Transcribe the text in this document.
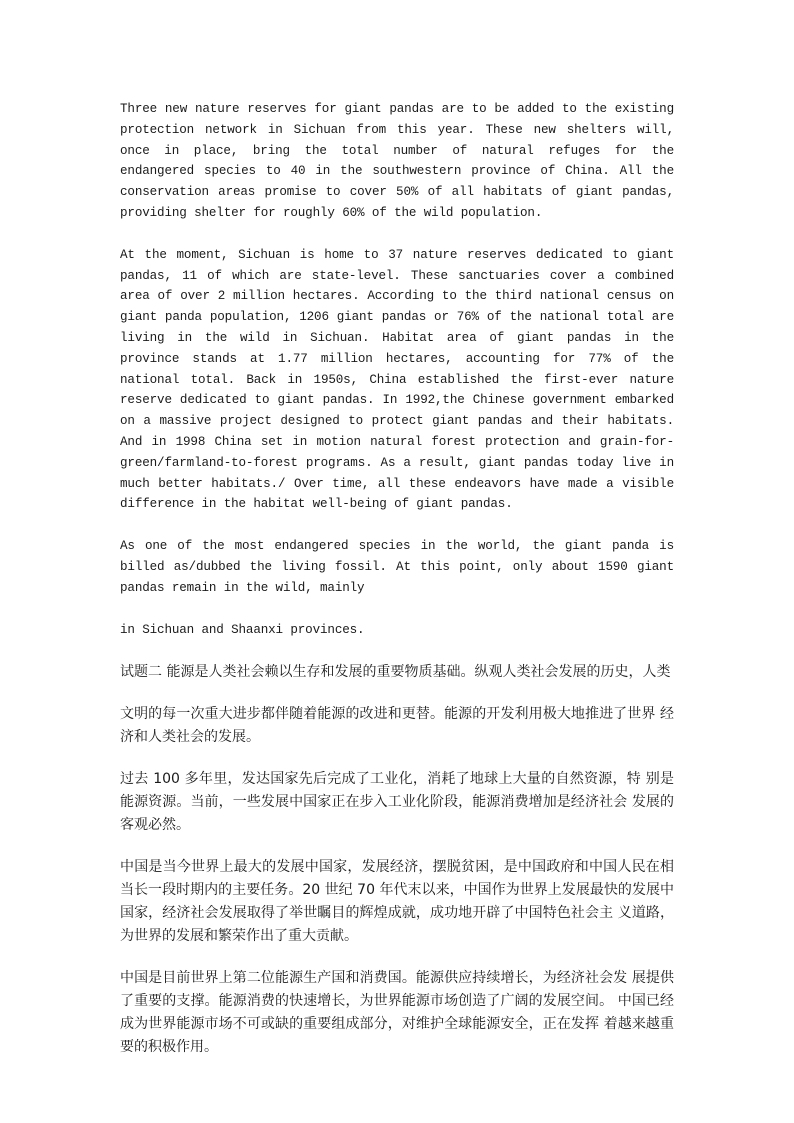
Three new nature reserves for giant pandas are to be added to the existing protection network in Sichuan from this year. These new shelters will, once in place, bring the total number of natural refuges for the endangered species to 40 in the southwestern province of China. All the conservation areas promise to cover 50% of all habitats of giant pandas, providing shelter for roughly 60% of the wild population.

At the moment, Sichuan is home to 37 nature reserves dedicated to giant pandas, 11 of which are state-level. These sanctuaries cover a combined area of over 2 million hectares. According to the third national census on giant panda population, 1206 giant pandas or 76% of the national total are living in the wild in Sichuan. Habitat area of giant pandas in the province stands at 1.77 million hectares, accounting for 77% of the national total. Back in 1950s, China established the first-ever nature reserve dedicated to giant pandas. In 1992,the Chinese government embarked on a massive project designed to protect giant pandas and their habitats. And in 1998 China set in motion natural forest protection and grain-for-green/farmland-to-forest programs. As a result, giant pandas today live in much better habitats./ Over time, all these endeavors have made a visible difference in the habitat well-being of giant pandas.

As one of the most endangered species in the world, the giant panda is billed as/dubbed the living fossil. At this point, only about 1590 giant pandas remain in the wild, mainly

in Sichuan and Shaanxi provinces.

试题二 能源是人类社会赖以生存和发展的重要物质基础。纵观人类社会发展的历史，人类

文明的每一次重大进步都伴随着能源的改进和更替。能源的开发利用极大地推进了世界 经济和人类社会的发展。

过去 100 多年里，发达国家先后完成了工业化，消耗了地球上大量的自然资源，特 别是能源资源。当前，一些发展中国家正在步入工业化阶段，能源消费增加是经济社会 发展的客观必然。

中国是当今世界上最大的发展中国家，发展经济，摆脱贫困，是中国政府和中国人民在相当长一段时期内的主要任务。20 世纪 70 年代末以来，中国作为世界上发展最快的发展中国家，经济社会发展取得了举世瞩目的辉煌成就，成功地开辟了中国特色社会主 义道路，为世界的发展和繁荣作出了重大贡献。

中国是目前世界上第二位能源生产国和消费国。能源供应持续增长，为经济社会发 展提供了重要的支撑。能源消费的快速增长，为世界能源市场创造了广阔的发展空间。 中国已经成为世界能源市场不可或缺的重要组成部分，对维护全球能源安全，正在发挥 着越来越重要的积极作用。
